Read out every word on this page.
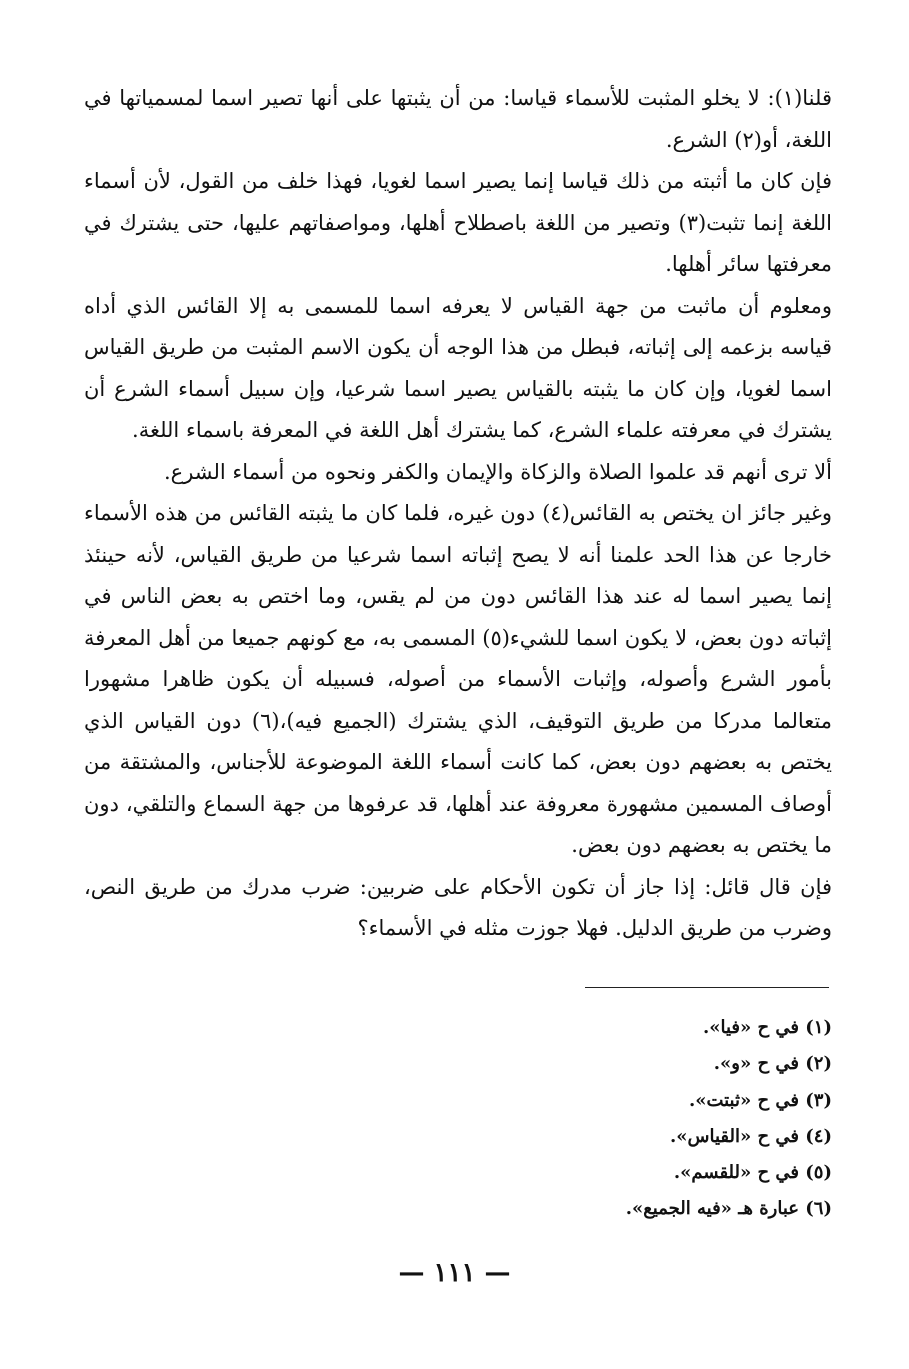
قلنا(١): لا يخلو المثبت للأسماء قياسا: من أن يثبتها على أنها تصير اسما لمسمياتها في اللغة، أو(٢) الشرع.

فإن كان ما أثبته من ذلك قياسا إنما يصير اسما لغويا، فهذا خلف من القول، لأن أسماء اللغة إنما تثبت(٣) وتصير من اللغة باصطلاح أهلها، ومواصفاتهم عليها، حتى يشترك في معرفتها سائر أهلها.

ومعلوم أن ماثبت من جهة القياس لا يعرفه اسما للمسمى به إلا القائس الذي أداه قياسه بزعمه إلى إثباته، فبطل من هذا الوجه أن يكون الاسم المثبت من طريق القياس اسما لغويا، وإن كان ما يثبته بالقياس يصير اسما شرعيا، وإن سبيل أسماء الشرع أن يشترك في معرفته علماء الشرع، كما يشترك أهل اللغة في المعرفة باسماء اللغة.

ألا ترى أنهم قد علموا الصلاة والزكاة والإيمان والكفر ونحوه من أسماء الشرع.

وغير جائز ان يختص به القائس(٤) دون غيره، فلما كان ما يثبته القائس من هذه الأسماء خارجا عن هذا الحد علمنا أنه لا يصح إثباته اسما شرعيا من طريق القياس، لأنه حينئذ إنما يصير اسما له عند هذا القائس دون من لم يقس، وما اختص به بعض الناس في إثباته دون بعض، لا يكون اسما للشيء(٥) المسمى به، مع كونهم جميعا من أهل المعرفة بأمور الشرع وأصوله، وإثبات الأسماء من أصوله، فسبيله أن يكون ظاهرا مشهورا متعالما مدركا من طريق التوقيف، الذي يشترك (الجميع فيه)،(٦) دون القياس الذي يختص به بعضهم دون بعض، كما كانت أسماء اللغة الموضوعة للأجناس، والمشتقة من أوصاف المسمين مشهورة معروفة عند أهلها، قد عرفوها من جهة السماع والتلقي، دون ما يختص به بعضهم دون بعض.

فإن قال قائل: إذا جاز أن تكون الأحكام على ضربين: ضرب مدرك من طريق النص، وضرب من طريق الدليل. فهلا جوزت مثله في الأسماء؟

(١) في ح «فيا».
(٢) في ح «و».
(٣) في ح «ثبتت».
(٤) في ح «القياس».
(٥) في ح «للقسم».
(٦) عبارة هـ «فيه الجميع».
— ١١١ —
